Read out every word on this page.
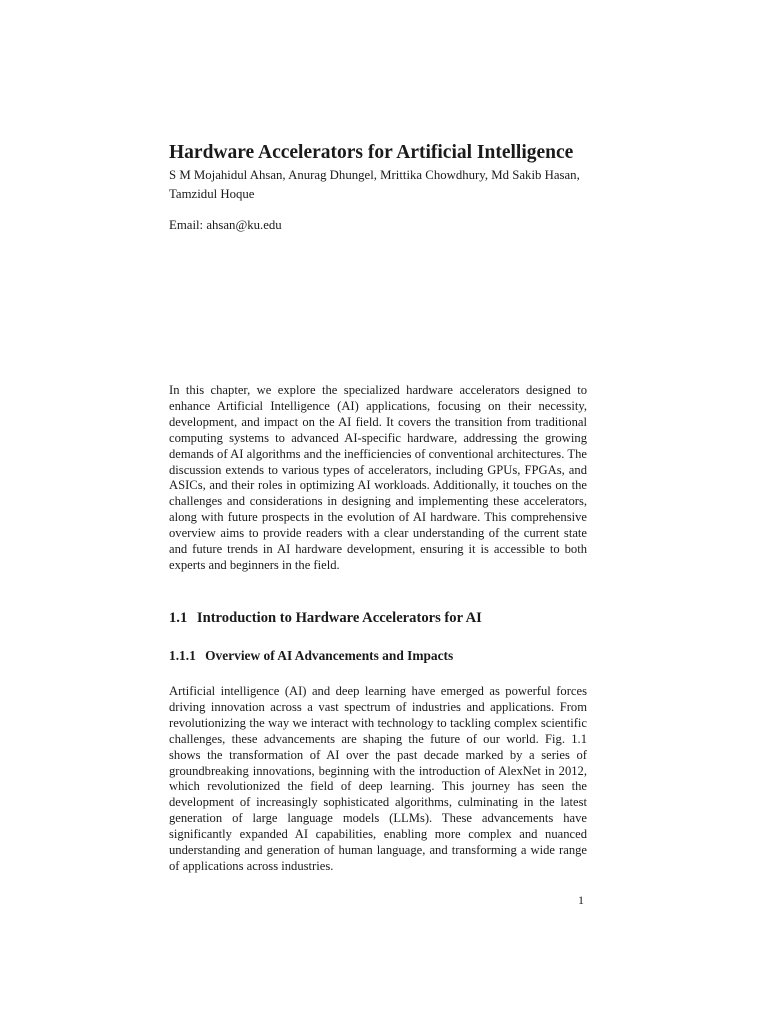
Hardware Accelerators for Artificial Intelligence

S M Mojahidul Ahsan, Anurag Dhungel, Mrittika Chowdhury, Md Sakib Hasan, Tamzidul Hoque

Email: ahsan@ku.edu

In this chapter, we explore the specialized hardware accelerators designed to enhance Artificial Intelligence (AI) applications, focusing on their necessity, development, and impact on the AI field. It covers the transition from traditional computing systems to advanced AI-specific hardware, addressing the growing demands of AI algorithms and the inefficiencies of conventional architectures. The discussion extends to various types of accelerators, including GPUs, FPGAs, and ASICs, and their roles in optimizing AI workloads. Additionally, it touches on the challenges and considerations in designing and implementing these accelerators, along with future prospects in the evolution of AI hardware. This comprehensive overview aims to provide readers with a clear understanding of the current state and future trends in AI hardware development, ensuring it is accessible to both experts and beginners in the field.

1.1 Introduction to Hardware Accelerators for AI
1.1.1 Overview of AI Advancements and Impacts

Artificial intelligence (AI) and deep learning have emerged as powerful forces driving innovation across a vast spectrum of industries and applications. From revolutionizing the way we interact with technology to tackling complex scientific challenges, these advancements are shaping the future of our world. Fig. 1.1 shows the transformation of AI over the past decade marked by a series of groundbreaking innovations, beginning with the introduction of AlexNet in 2012, which revolutionized the field of deep learning. This journey has seen the development of increasingly sophisticated algorithms, culminating in the latest generation of large language models (LLMs). These advancements have significantly expanded AI capabilities, enabling more complex and nuanced understanding and generation of human language, and transforming a wide range of applications across industries.

1
